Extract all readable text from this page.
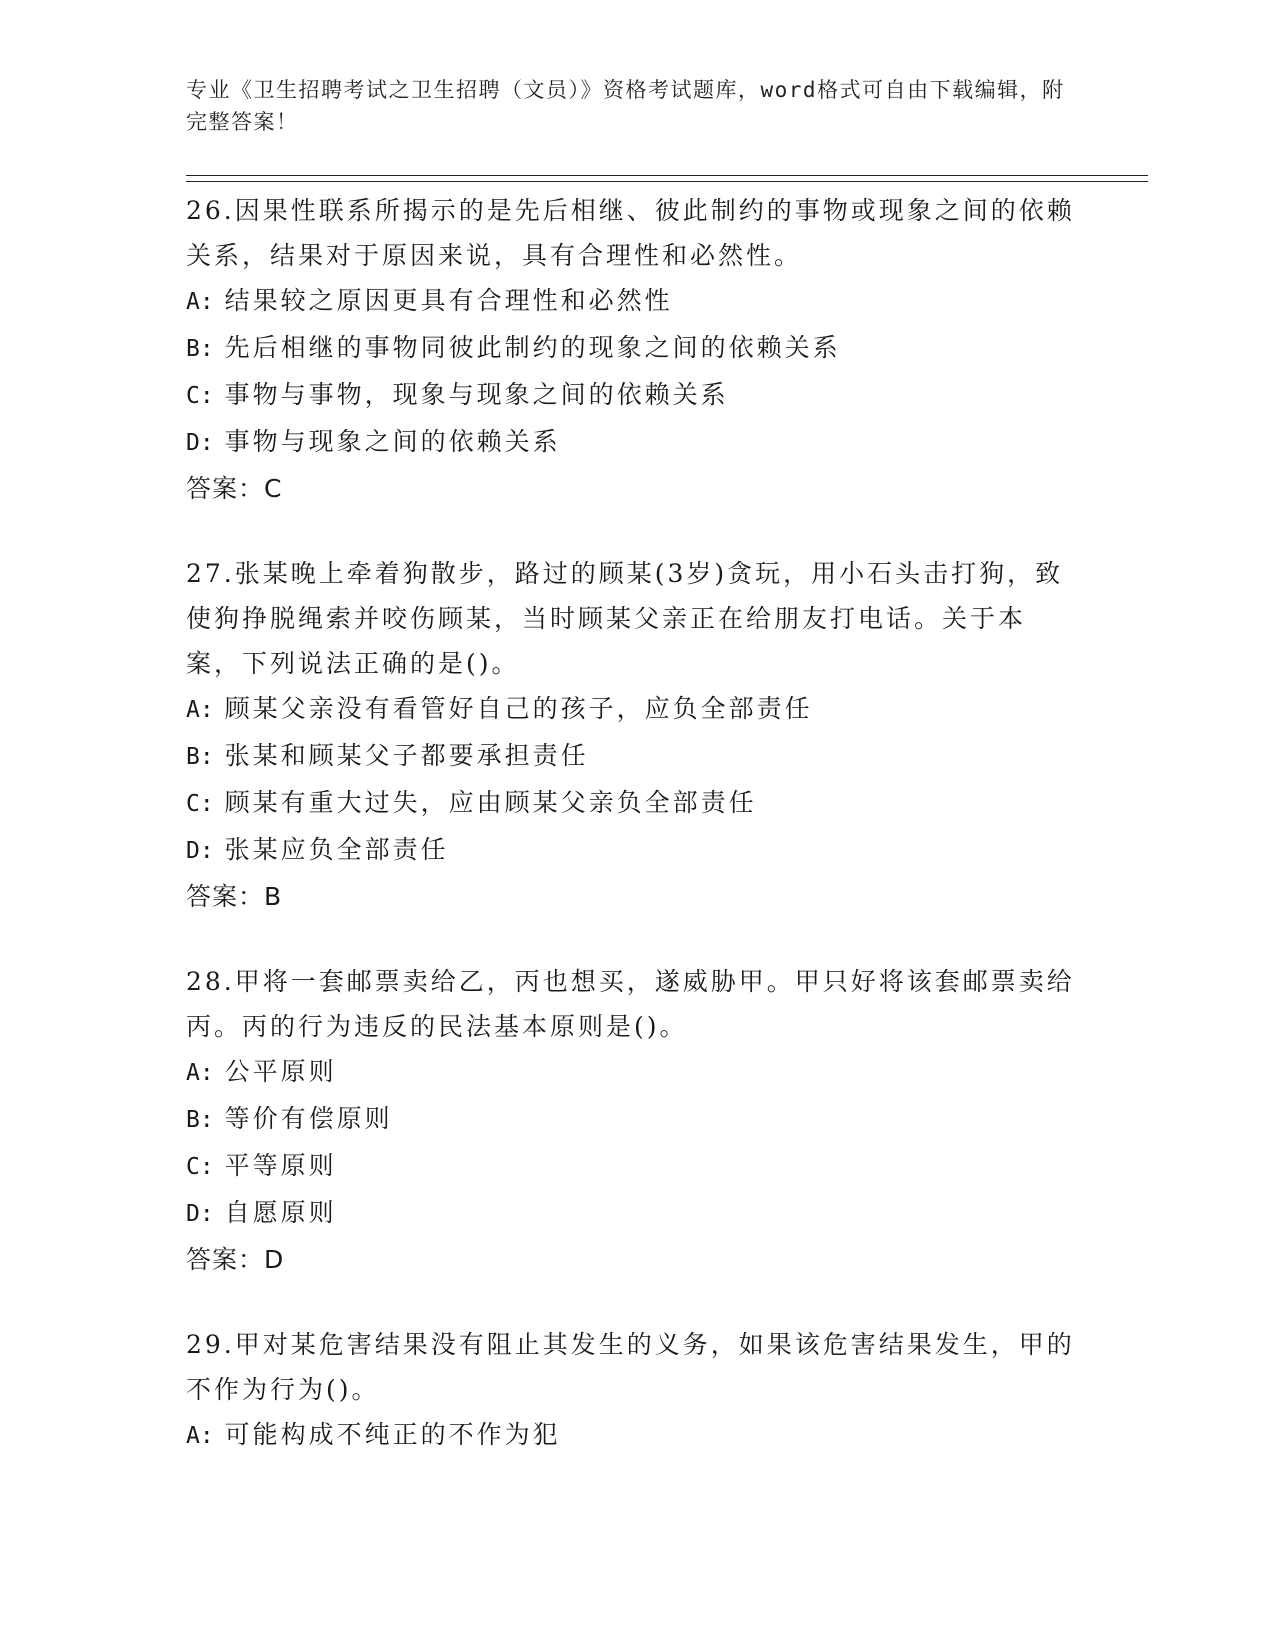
专业《卫生招聘考试之卫生招聘（文员）》资格考试题库，word格式可自由下载编辑，附完整答案！

26.因果性联系所揭示的是先后相继、彼此制约的事物或现象之间的依赖关系，结果对于原因来说，具有合理性和必然性。

A: 结果较之原因更具有合理性和必然性

B: 先后相继的事物同彼此制约的现象之间的依赖关系

C: 事物与事物，现象与现象之间的依赖关系

D: 事物与现象之间的依赖关系

答案：C

27.张某晚上牵着狗散步，路过的顾某(3岁)贪玩，用小石头击打狗，致使狗挣脱绳索并咬伤顾某，当时顾某父亲正在给朋友打电话。关于本案，下列说法正确的是()。

A: 顾某父亲没有看管好自己的孩子，应负全部责任

B: 张某和顾某父子都要承担责任

C: 顾某有重大过失，应由顾某父亲负全部责任

D: 张某应负全部责任

答案：B

28.甲将一套邮票卖给乙，丙也想买，遂威胁甲。甲只好将该套邮票卖给丙。丙的行为违反的民法基本原则是()。

A: 公平原则

B: 等价有偿原则

C: 平等原则

D: 自愿原则

答案：D

29.甲对某危害结果没有阻止其发生的义务，如果该危害结果发生，甲的不作为行为()。

A: 可能构成不纯正的不作为犯
